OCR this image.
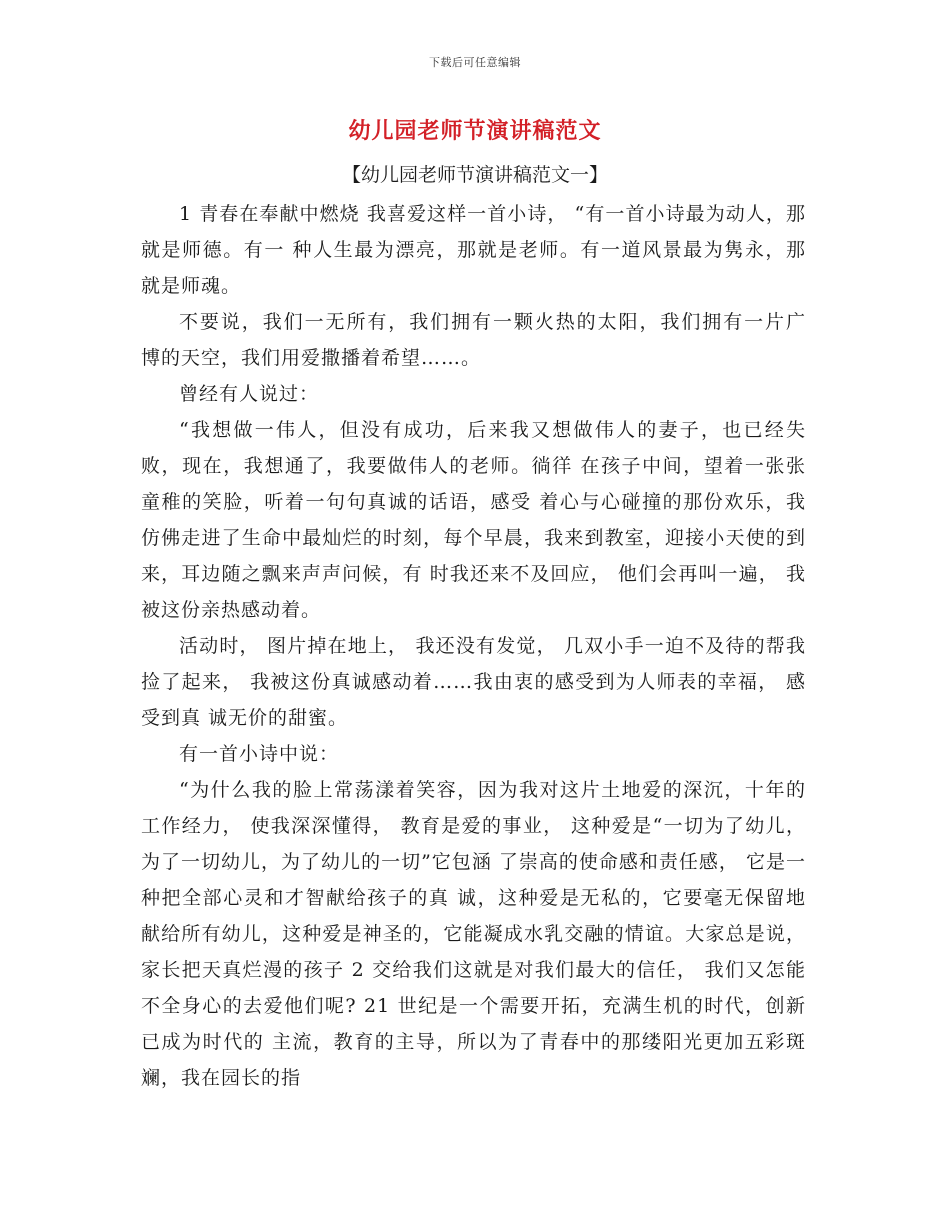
下载后可任意编辑
幼儿园老师节演讲稿范文
【幼儿园老师节演讲稿范文一】

1 青春在奉献中燃烧 我喜爱这样一首小诗， “有一首小诗最为动人，那就是师德。有一 种人生最为漂亮，那就是老师。有一道风景最为隽永，那就是师魂。

不要说，我们一无所有，我们拥有一颗火热的太阳，我们拥有一片广 博的天空，我们用爱撒播着希望……。

曾经有人说过：

“我想做一伟人，但没有成功，后来我又想做伟人的妻子，也已经失败，现在，我想通了，我要做伟人的老师。徜徉 在孩子中间，望着一张张童稚的笑脸，听着一句句真诚的话语，感受 着心与心碰撞的那份欢乐，我仿佛走进了生命中最灿烂的时刻，每个早晨，我来到教室，迎接小天使的到来，耳边随之飘来声声问候，有 时我还来不及回应， 他们会再叫一遍， 我被这份亲热感动着。

活动时， 图片掉在地上， 我还没有发觉， 几双小手一迫不及待的帮我捡了起来， 我被这份真诚感动着……我由衷的感受到为人师表的幸福， 感受到真 诚无价的甜蜜。

有一首小诗中说：

“为什么我的脸上常荡漾着笑容，因为我对这片土地爱的深沉，十年的工作经力， 使我深深懂得， 教育是爱的事业， 这种爱是“一切为了幼儿，为了一切幼儿，为了幼儿的一切”它包涵 了崇高的使命感和责任感， 它是一种把全部心灵和才智献给孩子的真 诚，这种爱是无私的，它要毫无保留地献给所有幼儿，这种爱是神圣的，它能凝成水乳交融的情谊。大家总是说，家长把天真烂漫的孩子 2 交给我们这就是对我们最大的信任， 我们又怎能不全身心的去爱他们呢? 21 世纪是一个需要开拓，充满生机的时代，创新已成为时代的 主流，教育的主导，所以为了青春中的那缕阳光更加五彩斑斓，我在园长的指
